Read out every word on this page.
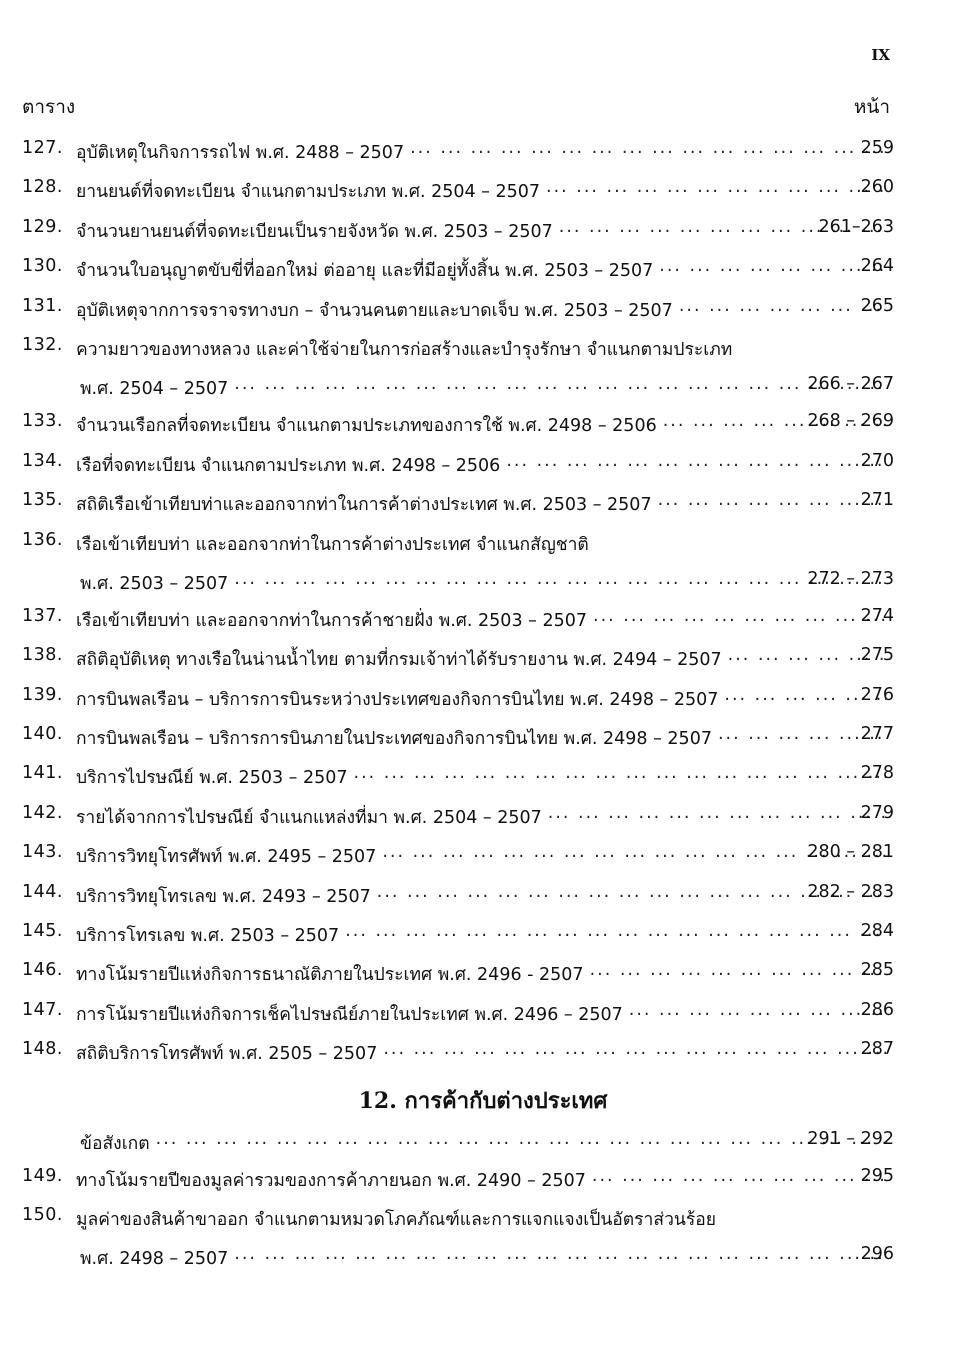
IX
ตาราง	หน้า
127. อุบัติเหตุในกิจการรถไฟ พ.ศ. 2488 – 2507 ... .	259
128. ยานยนต์ที่จดทะเบียน จำแนกตามประเภท พ.ศ. 2504 – 2507 ... .	260
129. จำนวนยานยนต์ที่จดทะเบียนเป็นรายจังหวัด พ.ศ. 2503 – 2507 ... .	261–263
130. จำนวนใบอนุญาตขับขี่ที่ออกใหม่ ต่ออายุ และที่มีอยู่ทั้งสิ้น พ.ศ. 2503 – 2507 ... .	264
131. อุบัติเหตุจากการจราจรทางบก – จำนวนคนตายและบาดเจ็บ พ.ศ. 2503 – 2507 ... .	265
132. ความยาวของทางหลวง และค่าใช้จ่ายในการก่อสร้างและบำรุงรักษา จำแนกตามประเภท
พ.ศ. 2504 – 2507 ... .	266 – 267
133. จำนวนเรือกลที่จดทะเบียน จำแนกตามประเภทของการใช้ พ.ศ. 2498 – 2506 ... .	268 – 269
134. เรือที่จดทะเบียน จำแนกตามประเภท พ.ศ. 2498 – 2506 ... .	270
135. สถิติเรือเข้าเทียบท่าและออกจากท่าในการค้าต่างประเทศ พ.ศ. 2503 – 2507 ... .	271
136. เรือเข้าเทียบท่า และออกจากท่าในการค้าต่างประเทศ จำแนกสัญชาติ
พ.ศ. 2503 – 2507 ... .	272 – 273
137. เรือเข้าเทียบท่า และออกจากท่าในการค้าชายฝั่ง พ.ศ. 2503 – 2507 ... .	274
138. สถิติอุบัติเหตุ ทางเรือในน่านน้ำไทย ตามที่กรมเจ้าท่าได้รับรายงาน พ.ศ. 2494 – 2507 ... .	275
139. การบินพลเรือน – บริการการบินระหว่างประเทศของกิจการบินไทย พ.ศ. 2498 – 2507 ... .	276
140. การบินพลเรือน – บริการการบินภายในประเทศของกิจการบินไทย พ.ศ. 2498 – 2507 ... .	277
141. บริการไปรษณีย์ พ.ศ. 2503 – 2507 ... .	278
142. รายได้จากการไปรษณีย์ จำแนกแหล่งที่มา พ.ศ. 2504 – 2507 ... .	279
143. บริการวิทยุโทรศัพท์ พ.ศ. 2495 – 2507 ... .	280 – 281
144. บริการวิทยุโทรเลข พ.ศ. 2493 – 2507 ... .	282 – 283
145. บริการโทรเลข พ.ศ. 2503 – 2507 ... .	284
146. ทางโน้มรายปีแห่งกิจการธนาณัติภายในประเทศ พ.ศ. 2496 - 2507 ... .	285
147. การโน้มรายปีแห่งกิจการเช็คไปรษณีย์ภายในประเทศ พ.ศ. 2496 – 2507 ... .	286
148. สถิติบริการโทรศัพท์ พ.ศ. 2505 – 2507 ... .	287
12. การค้ากับต่างประเทศ
ข้อสังเกต ... .	291 – 292
149. ทางโน้มรายปีของมูลค่ารวมของการค้าภายนอก พ.ศ. 2490 – 2507 ... .	295
150. มูลค่าของสินค้าขาออก จำแนกตามหมวดโภคภัณฑ์และการแจกแจงเป็นอัตราส่วนร้อย
พ.ศ. 2498 – 2507 ... .	296
